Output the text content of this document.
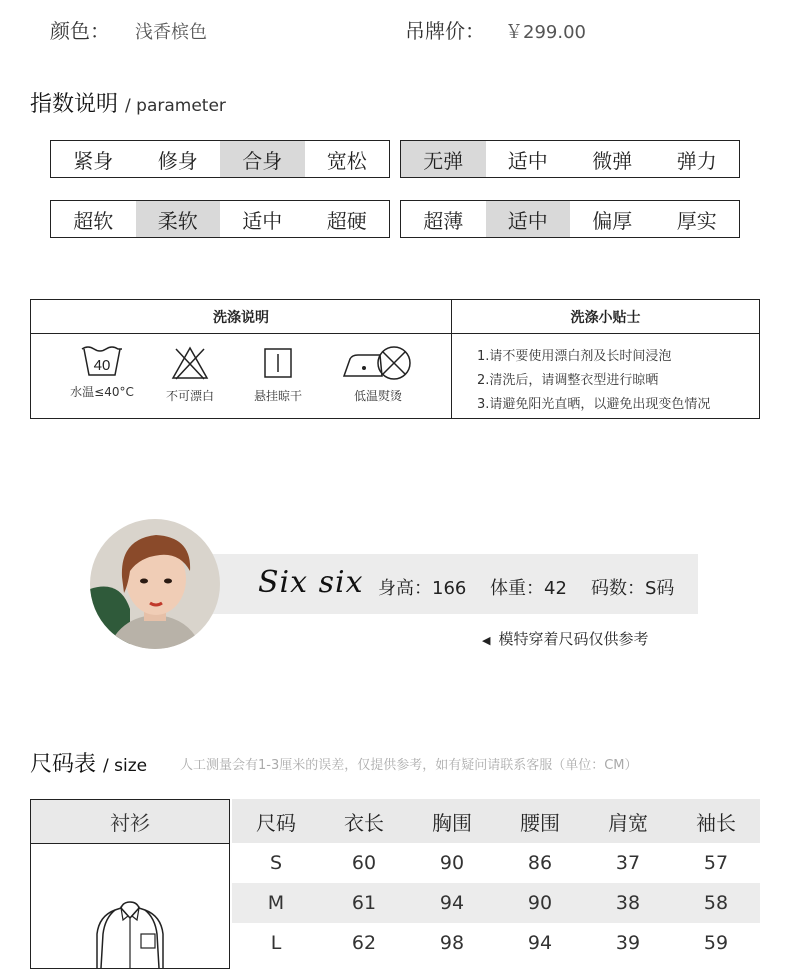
颜色： 浅香槟色	吊牌价： ￥299.00
指数说明 / parameter
紧身	修身	合身	宽松	无弹	适中	微弹	弹力
超软	柔软	适中	超硬	超薄	适中	偏厚	厚实
洗涤说明	洗涤小贴士
40
水温≤40°C	不可漂白	悬挂晾干	低温熨烫
1.请不要使用漂白剂及长时间浸泡
2.清洗后，请调整衣型进行晾晒
3.请避免阳光直晒，以避免出现变色情况
Six six 身高：166 体重：42 码数：S码
◀ 模特穿着尺码仅供参考
尺码表 / size	人工测量会有1-3厘米的误差，仅提供参考，如有疑问请联系客服（单位：CM）
衬衫	尺码	衣长	胸围	腰围	肩宽	袖长
S	60	90	86	37	57
M	61	94	90	38	58
L	62	98	94	39	59
